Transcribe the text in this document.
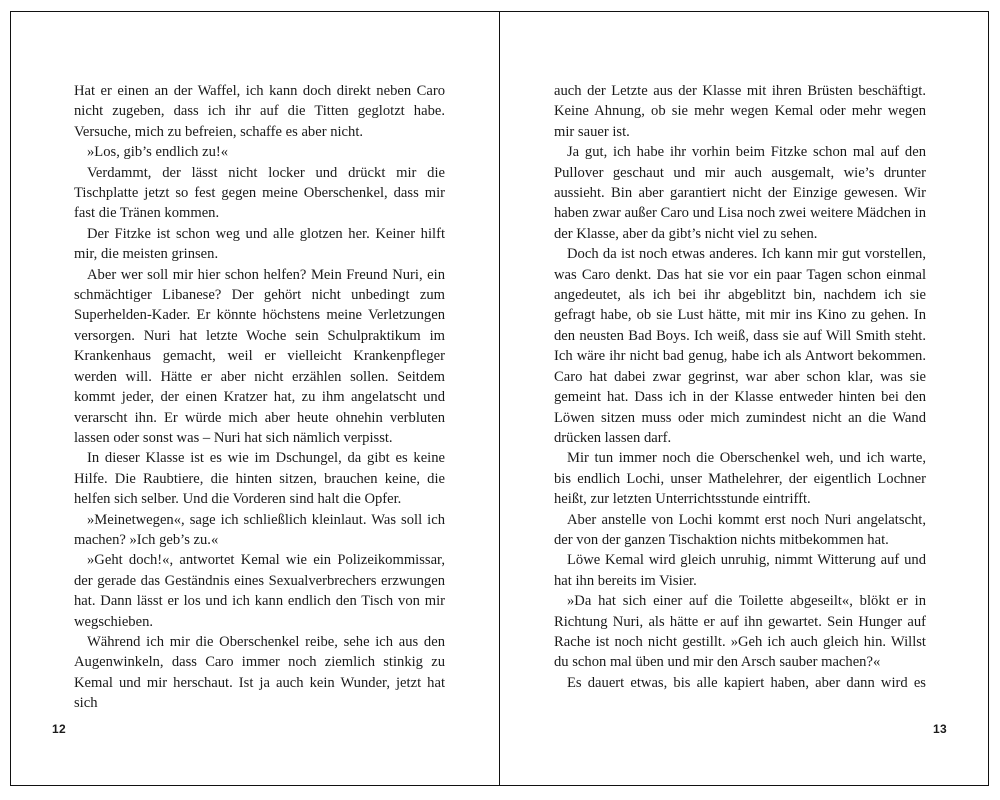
Hat er einen an der Waffel, ich kann doch direkt neben Caro nicht zugeben, dass ich ihr auf die Titten geglotzt habe. Versuche, mich zu befreien, schaffe es aber nicht.

»Los, gib’s endlich zu!«

Verdammt, der lässt nicht locker und drückt mir die Tischplatte jetzt so fest gegen meine Oberschenkel, dass mir fast die Tränen kommen.

Der Fitzke ist schon weg und alle glotzen her. Keiner hilft mir, die meisten grinsen.

Aber wer soll mir hier schon helfen? Mein Freund Nuri, ein schmächtiger Libanese? Der gehört nicht unbedingt zum Superhelden-Kader. Er könnte höchstens meine Verletzungen versorgen. Nuri hat letzte Woche sein Schulpraktikum im Krankenhaus gemacht, weil er vielleicht Krankenpfleger werden will. Hätte er aber nicht erzählen sollen. Seitdem kommt jeder, der einen Kratzer hat, zu ihm angelatscht und verarscht ihn. Er würde mich aber heute ohnehin verbluten lassen oder sonst was – Nuri hat sich nämlich verpisst.

In dieser Klasse ist es wie im Dschungel, da gibt es keine Hilfe. Die Raubtiere, die hinten sitzen, brauchen keine, die helfen sich selber. Und die Vorderen sind halt die Opfer.

»Meinetwegen«, sage ich schließlich kleinlaut. Was soll ich machen? »Ich geb’s zu.«

»Geht doch!«, antwortet Kemal wie ein Polizeikommissar, der gerade das Geständnis eines Sexualverbrechers erzwungen hat. Dann lässt er los und ich kann endlich den Tisch von mir wegschieben.

Während ich mir die Oberschenkel reibe, sehe ich aus den Augenwinkeln, dass Caro immer noch ziemlich stinkig zu Kemal und mir herschaut. Ist ja auch kein Wunder, jetzt hat sich

12

auch der Letzte aus der Klasse mit ihren Brüsten beschäftigt. Keine Ahnung, ob sie mehr wegen Kemal oder mehr wegen mir sauer ist.

Ja gut, ich habe ihr vorhin beim Fitzke schon mal auf den Pullover geschaut und mir auch ausgemalt, wie’s drunter aussieht. Bin aber garantiert nicht der Einzige gewesen. Wir haben zwar außer Caro und Lisa noch zwei weitere Mädchen in der Klasse, aber da gibt’s nicht viel zu sehen.

Doch da ist noch etwas anderes. Ich kann mir gut vorstellen, was Caro denkt. Das hat sie vor ein paar Tagen schon einmal angedeutet, als ich bei ihr abgeblitzt bin, nachdem ich sie gefragt habe, ob sie Lust hätte, mit mir ins Kino zu gehen. In den neusten Bad Boys. Ich weiß, dass sie auf Will Smith steht. Ich wäre ihr nicht bad genug, habe ich als Antwort bekommen. Caro hat dabei zwar gegrinst, war aber schon klar, was sie gemeint hat. Dass ich in der Klasse entweder hinten bei den Löwen sitzen muss oder mich zumindest nicht an die Wand drücken lassen darf.

Mir tun immer noch die Oberschenkel weh, und ich warte, bis endlich Lochi, unser Mathelehrer, der eigentlich Lochner heißt, zur letzten Unterrichtsstunde eintrifft.

Aber anstelle von Lochi kommt erst noch Nuri angelatscht, der von der ganzen Tischaktion nichts mitbekommen hat.

Löwe Kemal wird gleich unruhig, nimmt Witterung auf und hat ihn bereits im Visier.

»Da hat sich einer auf die Toilette abgeseilt«, blökt er in Richtung Nuri, als hätte er auf ihn gewartet. Sein Hunger auf Rache ist noch nicht gestillt. »Geh ich auch gleich hin. Willst du schon mal üben und mir den Arsch sauber machen?«

Es dauert etwas, bis alle kapiert haben, aber dann wird es

13
